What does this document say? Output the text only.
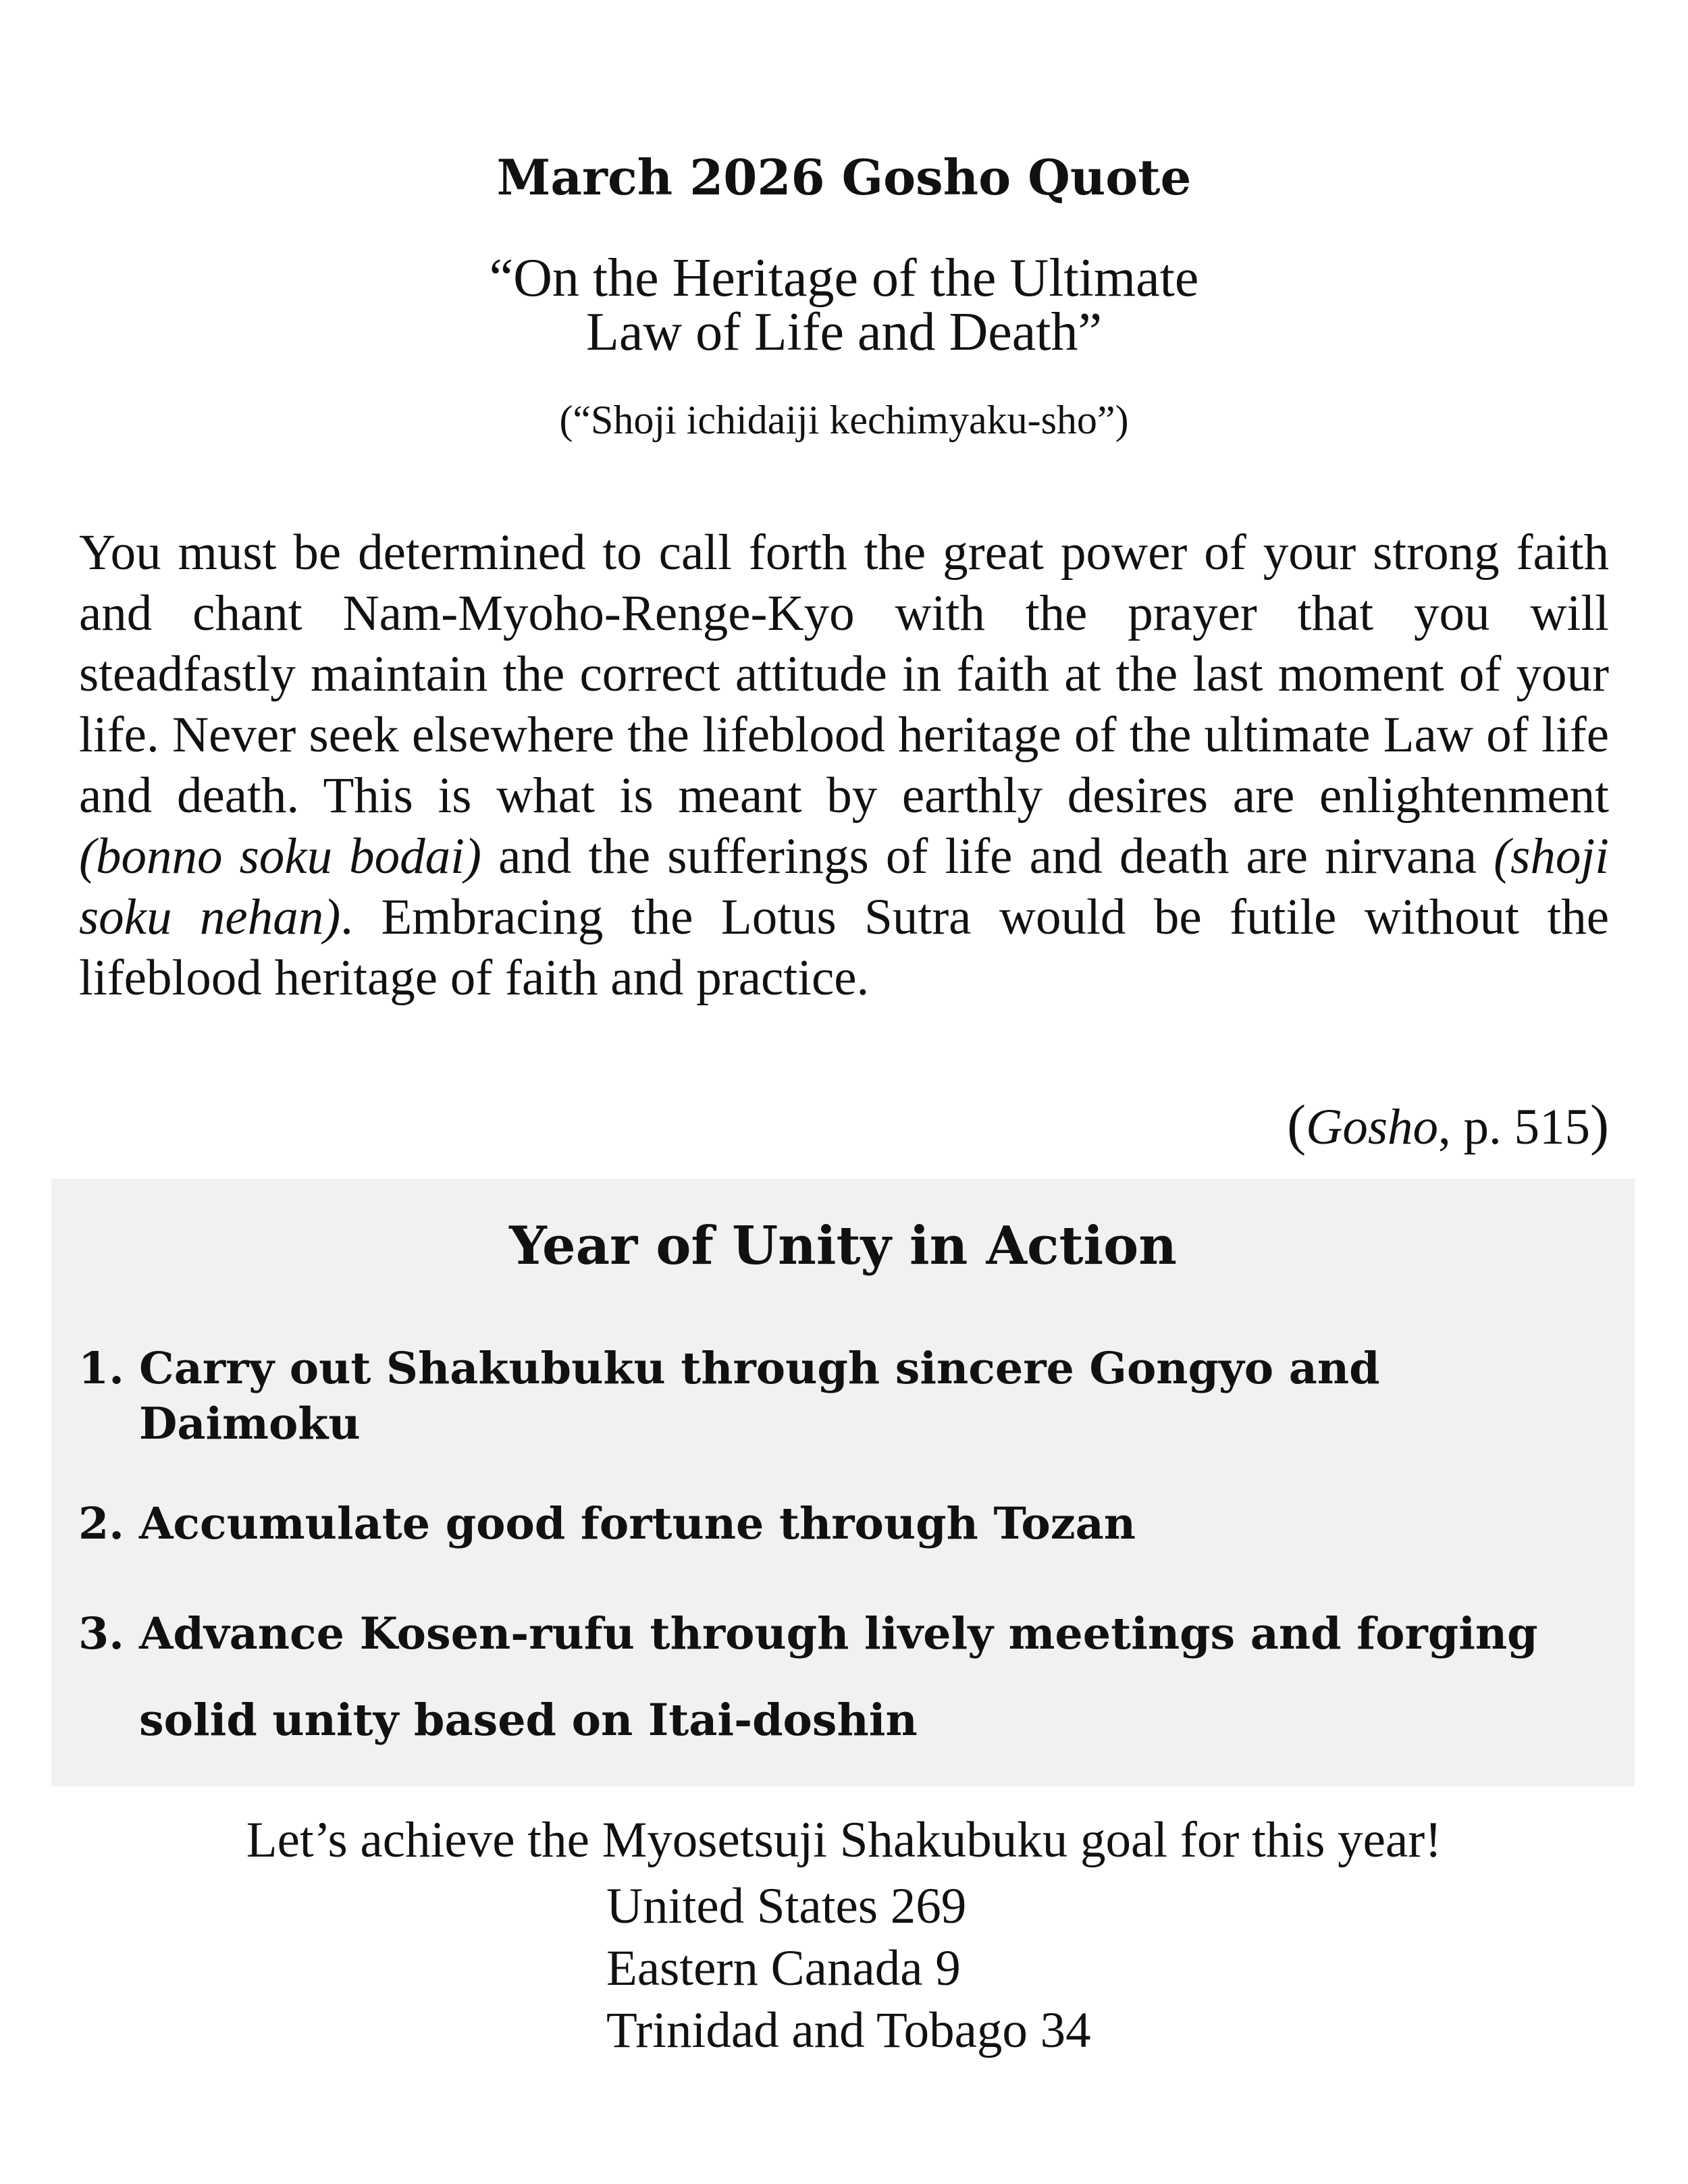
March 2026 Gosho Quote
“On the Heritage of the Ultimate
Law of Life and Death”
(“Shoji ichidaiji kechimyaku-sho”)

You must be determined to call forth the great power of your strong faith and chant Nam-Myoho-Renge-Kyo with the prayer that you will steadfastly maintain the correct attitude in faith at the last moment of your life. Never seek elsewhere the lifeblood heritage of the ultimate Law of life and death. This is what is meant by earthly desires are enlightenment (bonno soku bodai) and the sufferings of life and death are nirvana (shoji soku nehan). Embracing the Lotus Sutra would be futile without the lifeblood heritage of faith and practice.

(Gosho, p. 515)
Year of Unity in Action
1. Carry out Shakubuku through sincere Gongyo and Daimoku
2. Accumulate good fortune through Tozan
3. Advance Kosen-rufu through lively meetings and forging solid unity based on Itai-doshin
Let’s achieve the Myosetsuji Shakubuku goal for this year!
United States 269
Eastern Canada 9
Trinidad and Tobago 34
